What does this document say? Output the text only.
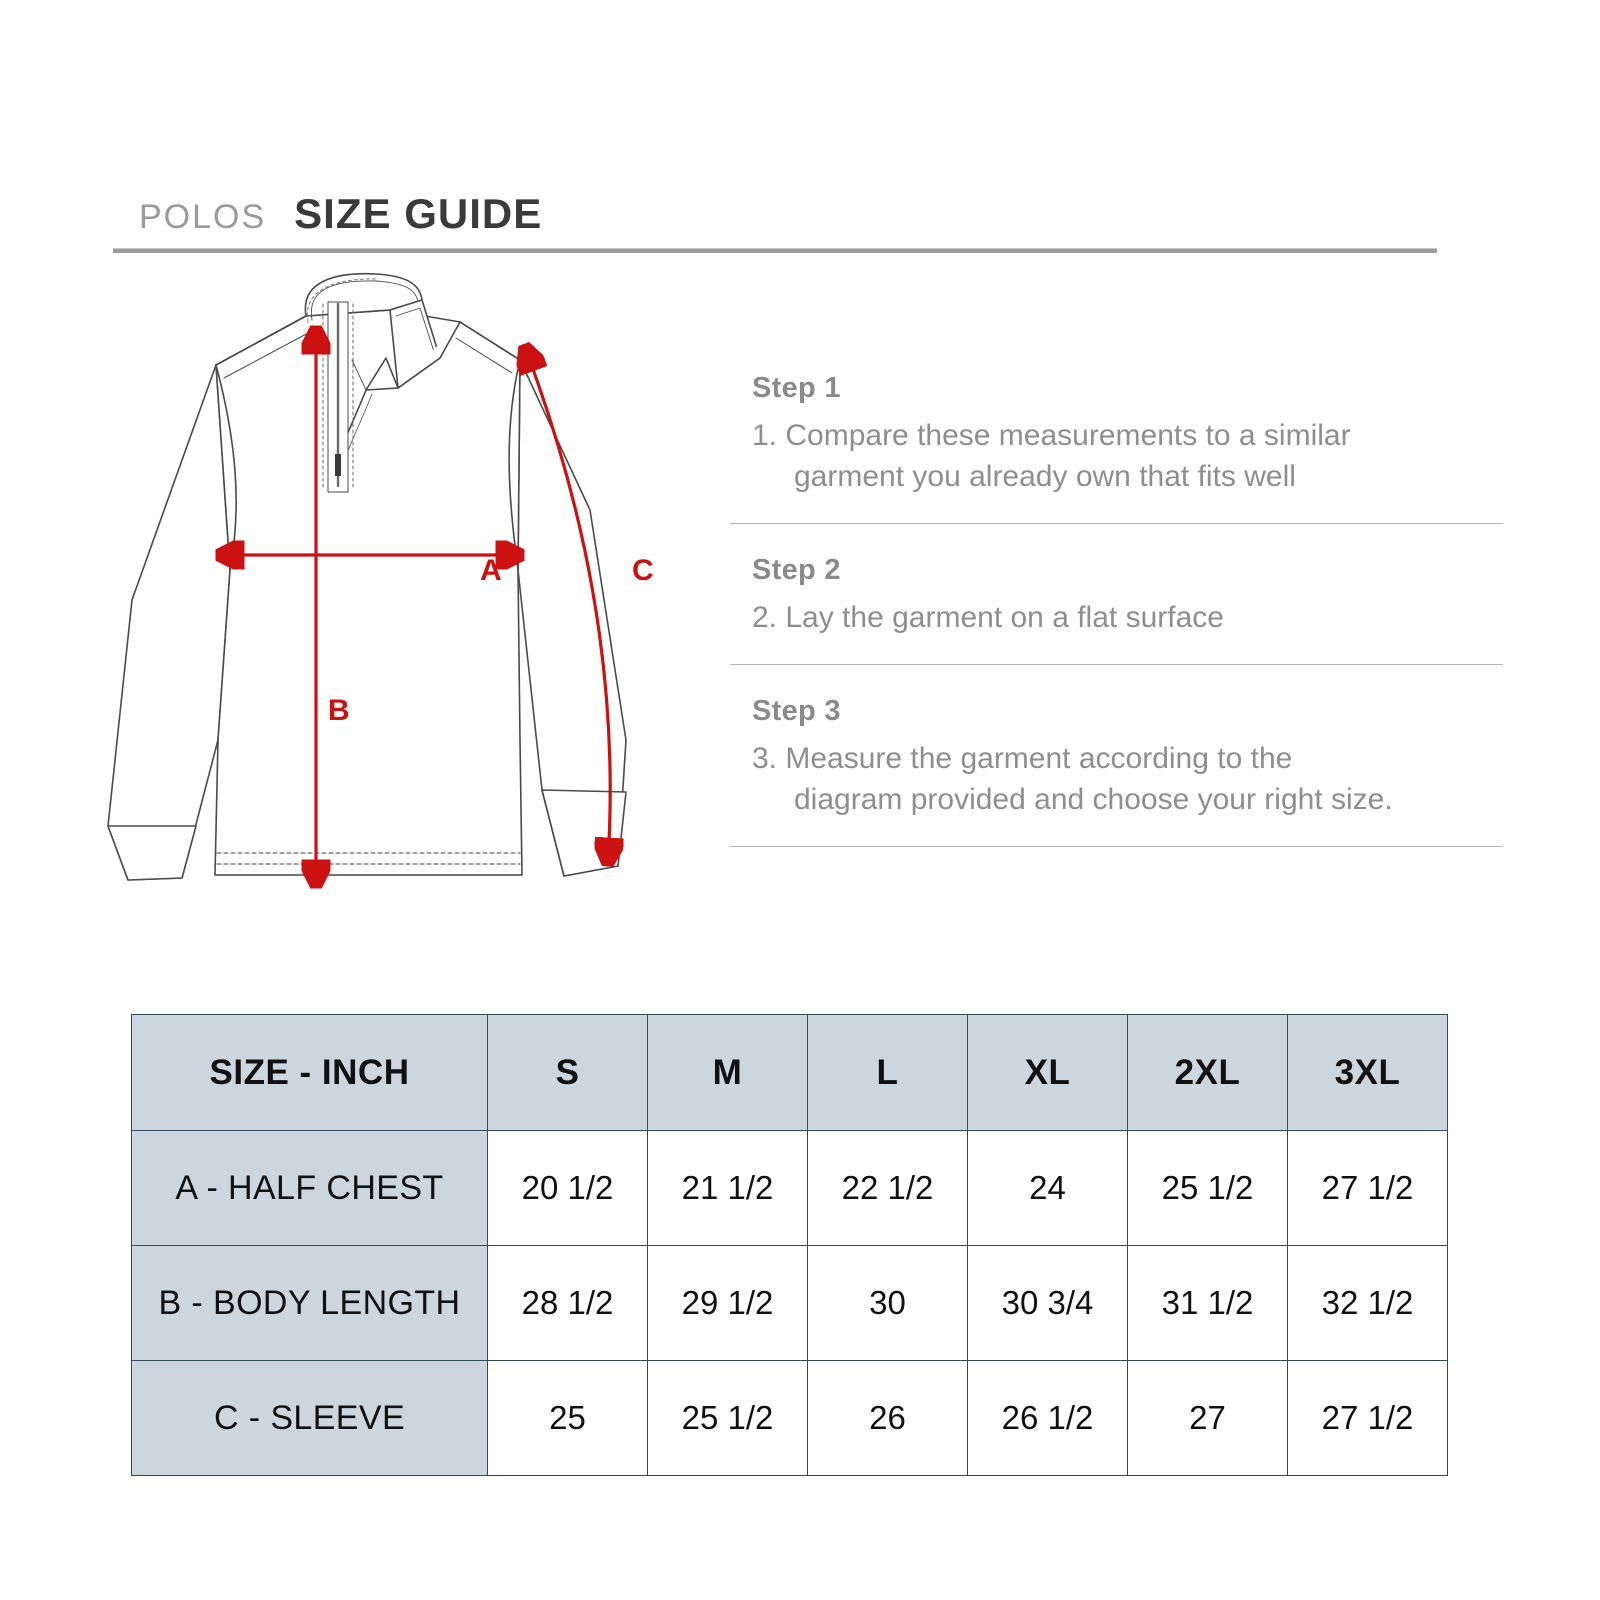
POLOS SIZE GUIDE
A
B
C
Step 1
1. Compare these measurements to a similar
garment you already own that fits well
Step 2
2. Lay the garment on a flat surface
Step 3
3. Measure the garment according to the
diagram provided and choose your right size.
SIZE - INCH	S	M	L	XL	2XL	3XL
A - HALF CHEST	20 1/2	21 1/2	22 1/2	24	25 1/2	27 1/2
B - BODY LENGTH	28 1/2	29 1/2	30	30 3/4	31 1/2	32 1/2
C - SLEEVE	25	25 1/2	26	26 1/2	27	27 1/2
